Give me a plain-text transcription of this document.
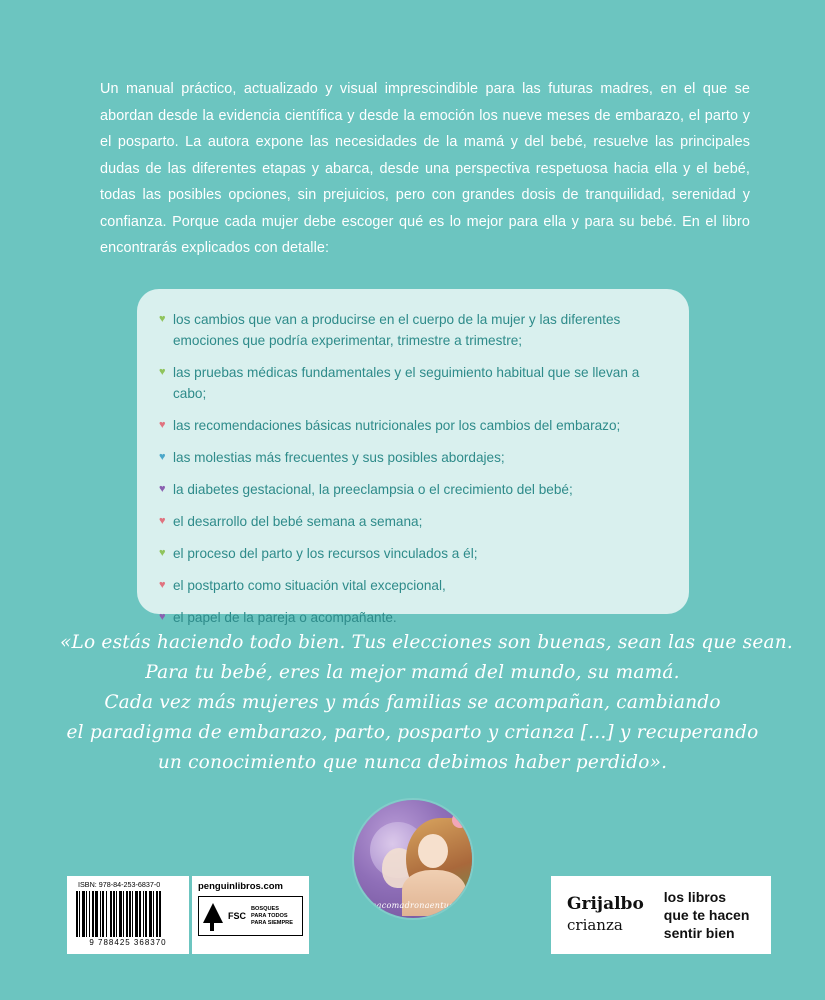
Un manual práctico, actualizado y visual imprescindible para las futuras madres, en el que se abordan desde la evidencia científica y desde la emoción los nueve meses de embarazo, el parto y el posparto. La autora expone las necesidades de la mamá y del bebé, resuelve las principales dudas de las diferentes etapas y abarca, desde una perspectiva respetuosa hacia ella y el bebé, todas las posibles opciones, sin prejuicios, pero con grandes dosis de tranquilidad, serenidad y confianza. Porque cada mujer debe escoger qué es lo mejor para ella y para su bebé. En el libro encontrarás explicados con detalle:

♥ los cambios que van a producirse en el cuerpo de la mujer y las diferentes emociones que podría experimentar, trimestre a trimestre;
♥ las pruebas médicas fundamentales y el seguimiento habitual que se llevan a cabo;
♥ las recomendaciones básicas nutricionales por los cambios del embarazo;
♥ las molestias más frecuentes y sus posibles abordajes;
♥ la diabetes gestacional, la preeclampsia o el crecimiento del bebé;
♥ el desarrollo del bebé semana a semana;
♥ el proceso del parto y los recursos vinculados a él;
♥ el postparto como situación vital excepcional,
♥ el papel de la pareja o acompañante.
«Lo estás haciendo todo bien. Tus elecciones son buenas, sean las que sean.
Para tu bebé, eres la mejor mamá del mundo, su mamá.
Cada vez más mujeres y más familias se acompañan, cambiando
el paradigma de embarazo, parto, posparto y crianza [...] y recuperando
un conocimiento que nunca debimos haber perdido».
@unacomadronaentucasa
ISBN: 978-84-253-6837-0
9 788425 368370
penguinlibros.com
FSC
BOSQUES
PARA TODOS
PARA SIEMPRE
Grijalbo
crianza
los libros
que te hacen
sentir bien
